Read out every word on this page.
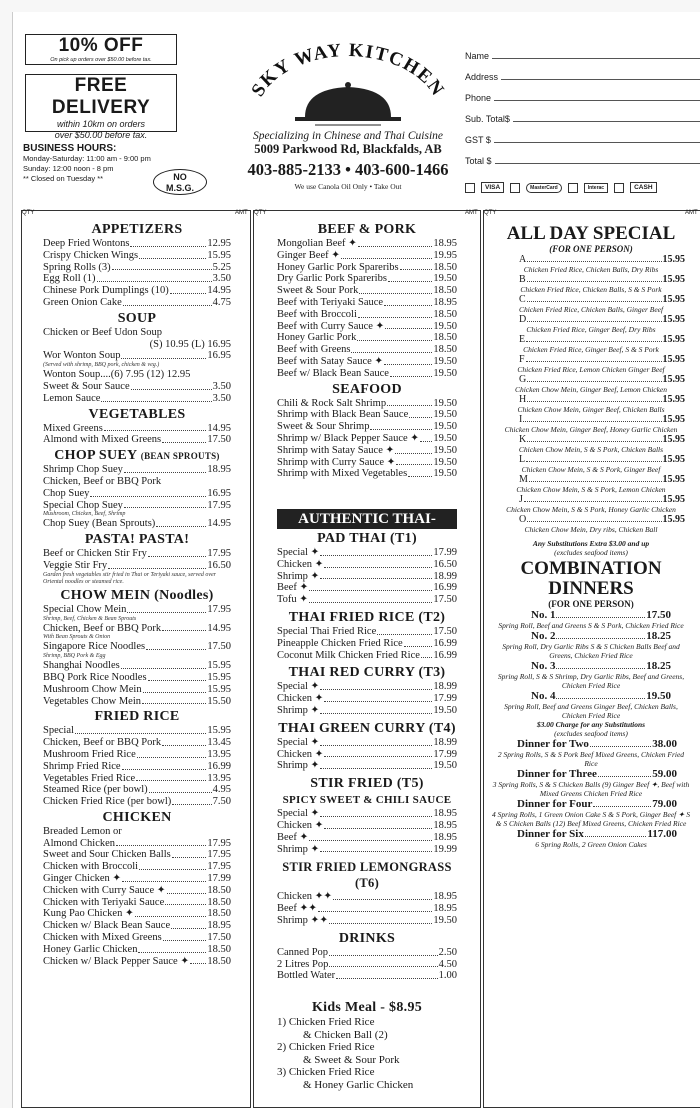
10% OFF
On pick up orders over $50.00 before tax.
FREE DELIVERY
within 10km on orders
over $50.00 before tax.
BUSINESS HOURS:
Monday-Saturday: 11:00 am - 9:00 pm
Sunday: 12:00 noon - 8 pm
** Closed on Tuesday **	NO
M.S.G.
SKY WAY KITCHEN
Specializing in Chinese and Thai Cuisine
5009 Parkwood Rd, Blackfalds, AB
403-885-2133 • 403-600-1466
We use Canola Oil Only • Take Out
Name
Address
Phone
Sub. Total$
GST $
Total $
VISA	MasterCard	Interac	CASH
QTY	AMT QTY	AMT QTY	AMT
APPETIZERS
Deep Fried Wontons	12.95
Crispy Chicken Wings	15.95
Spring Rolls (3)	5.25
Egg Roll (1)	3.50
Chinese Pork Dumplings (10)	14.95
Green Onion Cake	4.75
SOUP
Chicken or Beef Udon Soup
(S) 10.95 (L) 16.95
Wor Wonton Soup	16.95
(Served with shrimp, BBQ pork, chicken & veg.)
Wonton Soup....(6) 7.95 (12) 12.95
Sweet & Sour Sauce	3.50
Lemon Sauce	3.50
VEGETABLES
Mixed Greens	14.95
Almond with Mixed Greens	17.50
CHOP SUEY (BEAN SPROUTS)
Shrimp Chop Suey	18.95
Chicken, Beef or BBQ Pork
Chop Suey	16.95
Special Chop Suey	17.95
Mushroom, Chicken, Beef, Shrimp
Chop Suey (Bean Sprouts)	14.95
PASTA! PASTA!
Beef or Chicken Stir Fry	17.95
Veggie Stir Fry	16.50
Garden fresh vegetables stir fried in Thai or Teriyaki sauce, served over Oriental noodles or steamed rice.
CHOW MEIN (Noodles)
Special Chow Mein	17.95
Shrimp, Beef, Chicken & Bean Sprouts
Chicken, Beef or BBQ Pork	14.95
With Bean Sprouts & Onion
Singapore Rice Noodles	17.50
Shrimp, BBQ Pork & Egg
Shanghai Noodles	15.95
BBQ Pork Rice Noodles	15.95
Mushroom Chow Mein	15.95
Vegetables Chow Mein	15.50
FRIED RICE
Special	15.95
Chicken, Beef or BBQ Pork	13.45
Mushroom Fried Rice	13.95
Shrimp Fried Rice	16.99
Vegetables Fried Rice	13.95
Steamed Rice (per bowl)	4.95
Chicken Fried Rice (per bowl)	7.50
CHICKEN
Breaded Lemon or
Almond Chicken	17.95
Sweet and Sour Chicken Balls	17.95
Chicken with Broccoli	17.95
Ginger Chicken ✦	17.99
Chicken with Curry Sauce ✦	18.50
Chicken with Teriyaki Sauce	18.50
Kung Pao Chicken ✦	18.50
Chicken w/ Black Bean Sauce	18.95
Chicken with Mixed Greens	17.50
Honey Garlic Chicken	18.50
Chicken w/ Black Pepper Sauce ✦ 18.50
BEEF & PORK
Mongolian Beef ✦	18.95
Ginger Beef ✦	19.95
Honey Garlic Pork Spareribs	18.50
Dry Garlic Pork Spareribs	19.50
Sweet & Sour Pork	18.50
Beef with Teriyaki Sauce	18.95
Beef with Broccoli	18.50
Beef with Curry Sauce ✦	19.50
Honey Garlic Pork	18.50
Beef with Greens	18.50
Beef with Satay Sauce ✦	19.50
Beef w/ Black Bean Sauce	19.50
SEAFOOD
Chili & Rock Salt Shrimp	19.50
Shrimp with Black Bean Sauce 19.50
Sweet & Sour Shrimp	19.50
Shrimp w/ Black Pepper Sauce ✦ 19.50
Shrimp with Satay Sauce ✦	19.50
Shrimp with Curry Sauce ✦	19.50
Shrimp with Mixed Vegetables 19.50
AUTHENTIC THAI-
PAD THAI (T1)
Special ✦	17.99
Chicken ✦	16.50
Shrimp ✦	18.99
Beef ✦	16.99
Tofu ✦	17.50
THAI FRIED RICE (T2)
Special Thai Fried Rice	17.50
Pineapple Chicken Fried Rice	16.99
Coconut Milk Chicken Fried Rice 16.99
THAI RED CURRY (T3)
Special ✦	18.99
Chicken ✦	17.99
Shrimp ✦	19.50
THAI GREEN CURRY (T4)
Special ✦	18.99
Chicken ✦	17.99
Shrimp ✦	19.50
STIR FRIED (T5)
SPICY SWEET & CHILI SAUCE
Special ✦	18.95
Chicken ✦	18.95
Beef ✦	18.95
Shrimp ✦	19.99
STIR FRIED LEMONGRASS (T6)
Chicken ✦✦	18.95
Beef ✦✦	18.95
Shrimp ✦✦	19.50
DRINKS
Canned Pop	2.50
2 Litres Pop	4.50
Bottled Water	1.00
Kids Meal - $8.95
1) Chicken Fried Rice
& Chicken Ball (2)
2) Chicken Fried Rice
& Sweet & Sour Pork
3) Chicken Fried Rice
& Honey Garlic Chicken
ALL DAY SPECIAL
(FOR ONE PERSON)
A	15.95
Chicken Fried Rice, Chicken Balls, Dry Ribs
B	15.95
Chicken Fried Rice, Chicken Balls, S & S Pork
C	15.95
Chicken Fried Rice, Chicken Balls, Ginger Beef
D	15.95
Chicken Fried Rice, Ginger Beef, Dry Ribs
E	15.95
Chicken Fried Rice, Ginger Beef, S & S Pork
F	15.95
Chicken Fried Rice, Lemon Chicken Ginger Beef
G	15.95
Chicken Chow Mein, Ginger Beef, Lemon Chicken
H	15.95
Chicken Chow Mein, Ginger Beef, Chicken Balls
I	15.95
Chicken Chow Mein, Ginger Beef, Honey Garlic Chicken
K	15.95
Chicken Chow Mein, S & S Pork, Chicken Balls
L	15.95
Chicken Chow Mein, S & S Pork, Ginger Beef
M	15.95
Chicken Chow Mein, S & S Pork, Lemon Chicken
J	15.95
Chicken Chow Mein, S & S Pork, Honey Garlic Chicken
O	15.95
Chicken Chow Mein, Dry ribs, Chicken Ball
Any Substitutions Extra $3.00 and up
(excludes seafood items)
COMBINATION
DINNERS
(FOR ONE PERSON)
No. 1	17.50
Spring Roll, Beef and Greens S & S Pork, Chicken Fried Rice
No. 2	18.25
Spring Roll, Dry Garlic Ribs S & S Chicken Balls Beef and Greens, Chicken Fried Rice
No. 3	18.25
Spring Roll, S & S Shrimp, Dry Garlic Ribs, Beef and Greens, Chicken Fried Rice
No. 4	19.50
Spring Roll, Beef and Greens Ginger Beef, Chicken Balls, Chicken Fried Rice
$3.00 Charge for any Substitutions
(excludes seafood items)
Dinner for Two	38.00
2 Spring Rolls, S & S Pork Beef Mixed Greens, Chicken Fried Rice
Dinner for Three	59.00
3 Spring Rolls, S & S Chicken Balls (9) Ginger Beef ✦, Beef with Mixed Greens Chicken Fried Rice
Dinner for Four	79.00
4 Spring Rolls, 1 Green Onion Cake S & S Pork, Ginger Beef ✦ S & S Chicken Balls (12) Beef Mixed Greens, Chicken Fried Rice
Dinner for Six	117.00
6 Spring Rolls, 2 Green Onion Cakes
